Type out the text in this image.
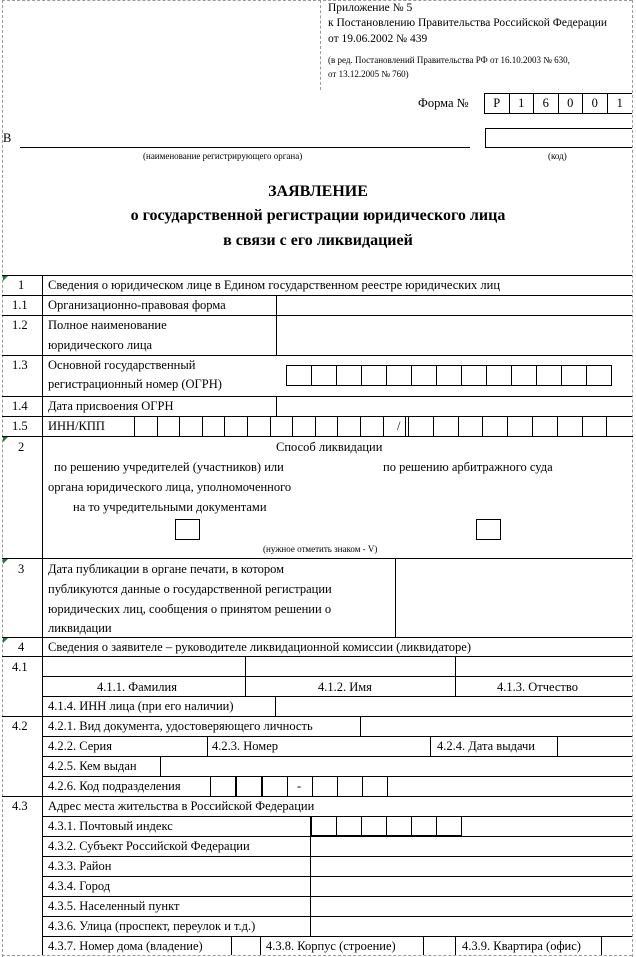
Приложение № 5
к Постановлению Правительства Российской Федерации
от 19.06.2002 № 439
(в ред. Постановлений Правительства РФ от 16.10.2003 № 630,
от 13.12.2005 № 760)
Форма №	Р	1	6	0	0	1
В
(наименование регистрирующего органа)	(код)
ЗАЯВЛЕНИЕ
о государственной регистрации юридического лица
в связи с его ликвидацией
1 Сведения о юридическом лице в Едином государственном реестре юридических лиц
1.1 Организационно-правовая форма
1.2 Полное наименование
юридического лица
1.3 Основной государственный
регистрационный номер (ОГРН)
1.4 Дата присвоения ОГРН
1.5 ИНН/КПП	/
2	Способ ликвидации
по решению учредителей (участников) или
органа юридического лица, уполномоченного
на то учредительными документами
по решению арбитражного суда
(нужное отметить знаком - V)
3 Дата публикации в органе печати, в котором
публикуются данные о государственной регистрации
юридических лиц, сообщения о принятом решении о
ликвидации
4 Сведения о заявителе – руководителе ликвидационной комиссии (ликвидаторе)
4.1
4.1.1. Фамилия	4.1.2. Имя	4.1.3. Отчество
4.1.4. ИНН лица (при его наличии)
4.2 4.2.1. Вид документа, удостоверяющего личность
4.2.2. Серия	4.2.3. Номер	4.2.4. Дата выдачи
4.2.5. Кем выдан
4.2.6. Код подразделения	-
4.3 Адрес места жительства в Российской Федерации
4.3.1. Почтовый индекс
4.3.2. Субъект Российской Федерации
4.3.3. Район
4.3.4. Город
4.3.5. Населенный пункт
4.3.6. Улица (проспект, переулок и т.д.)
4.3.7. Номер дома (владение)	4.3.8. Корпус (строение)	4.3.9. Квартира (офис)
